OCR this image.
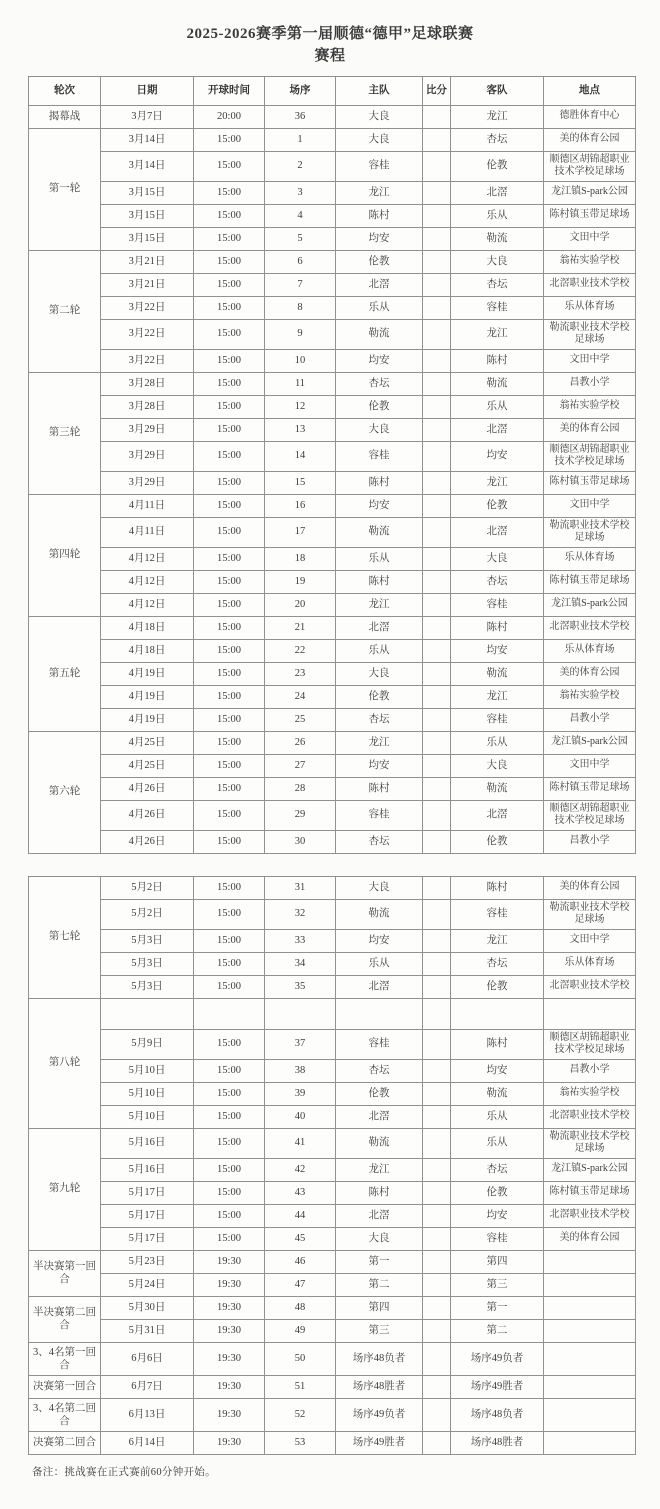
2025-2026赛季第一届顺德“德甲”足球联赛
赛程
轮次	日期	开球时间	场序	主队	比分	客队	地点
揭幕战	3月7日	20:00	36	大良		龙江	德胜体育中心
第一轮	3月14日	15:00	1	大良		杏坛	美的体育公园
	3月14日	15:00	2	容桂		伦教	顺德区胡锦超职业技术学校足球场
	3月15日	15:00	3	龙江		北滘	龙江镇S-park公园
	3月15日	15:00	4	陈村		乐从	陈村镇玉带足球场
	3月15日	15:00	5	均安		勒流	文田中学
第二轮	3月21日	15:00	6	伦教		大良	翁祐实验学校
	3月21日	15:00	7	北滘		杏坛	北滘职业技术学校
	3月22日	15:00	8	乐从		容桂	乐从体育场
	3月22日	15:00	9	勒流		龙江	勒流职业技术学校足球场
	3月22日	15:00	10	均安		陈村	文田中学
第三轮	3月28日	15:00	11	杏坛		勒流	昌教小学
	3月28日	15:00	12	伦教		乐从	翁祐实验学校
	3月29日	15:00	13	大良		北滘	美的体育公园
	3月29日	15:00	14	容桂		均安	顺德区胡锦超职业技术学校足球场
	3月29日	15:00	15	陈村		龙江	陈村镇玉带足球场
第四轮	4月11日	15:00	16	均安		伦教	文田中学
	4月11日	15:00	17	勒流		北滘	勒流职业技术学校足球场
	4月12日	15:00	18	乐从		大良	乐从体育场
	4月12日	15:00	19	陈村		杏坛	陈村镇玉带足球场
	4月12日	15:00	20	龙江		容桂	龙江镇S-park公园
第五轮	4月18日	15:00	21	北滘		陈村	北滘职业技术学校
	4月18日	15:00	22	乐从		均安	乐从体育场
	4月19日	15:00	23	大良		勒流	美的体育公园
	4月19日	15:00	24	伦教		龙江	翁祐实验学校
	4月19日	15:00	25	杏坛		容桂	昌教小学
第六轮	4月25日	15:00	26	龙江		乐从	龙江镇S-park公园
	4月25日	15:00	27	均安		大良	文田中学
	4月26日	15:00	28	陈村		勒流	陈村镇玉带足球场
	4月26日	15:00	29	容桂		北滘	顺德区胡锦超职业技术学校足球场
	4月26日	15:00	30	杏坛		伦教	昌教小学
第七轮	5月2日	15:00	31	大良		陈村	美的体育公园
	5月2日	15:00	32	勒流		容桂	勒流职业技术学校足球场
	5月3日	15:00	33	均安		龙江	文田中学
	5月3日	15:00	34	乐从		杏坛	乐从体育场
	5月3日	15:00	35	北滘		伦教	北滘职业技术学校
第八轮							
	5月9日	15:00	37	容桂		陈村	顺德区胡锦超职业技术学校足球场
	5月10日	15:00	38	杏坛		均安	昌教小学
	5月10日	15:00	39	伦教		勒流	翁祐实验学校
	5月10日	15:00	40	北滘		乐从	北滘职业技术学校
第九轮	5月16日	15:00	41	勒流		乐从	勒流职业技术学校足球场
	5月16日	15:00	42	龙江		杏坛	龙江镇S-park公园
	5月17日	15:00	43	陈村		伦教	陈村镇玉带足球场
	5月17日	15:00	44	北滘		均安	北滘职业技术学校
	5月17日	15:00	45	大良		容桂	美的体育公园
半决赛第一回合	5月23日	19:30	46	第一		第四	
	5月24日	19:30	47	第二		第三	
半决赛第二回合	5月30日	19:30	48	第四		第一	
	5月31日	19:30	49	第三		第二	
3、4名第一回合	6月6日	19:30	50	场序48负者		场序49负者	
决赛第一回合	6月7日	19:30	51	场序48胜者		场序49胜者	
3、4名第二回合	6月13日	19:30	52	场序49负者		场序48负者	
决赛第二回合	6月14日	19:30	53	场序49胜者		场序48胜者	
备注：挑战赛在正式赛前60分钟开始。
